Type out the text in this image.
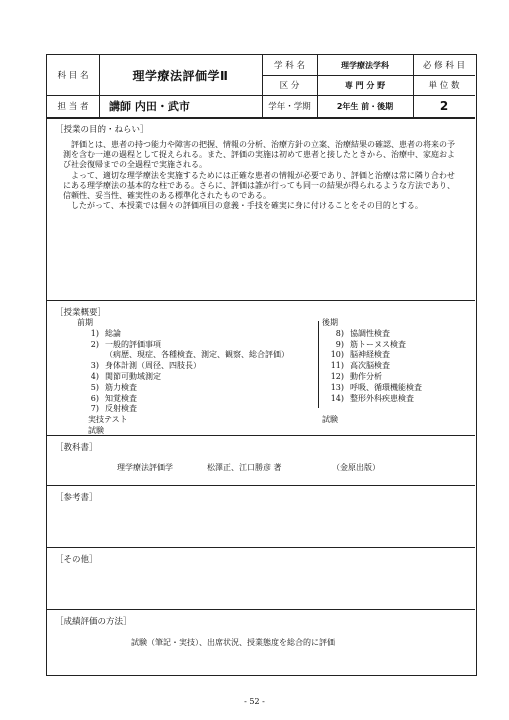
科 目 名	理学療法評価学Ⅱ
学 科 名	理学療法学科	必 修 科 目
区 分	専 門 分 野	単 位 数
担 当 者	講師 内田・武市	学年・学期	2年生 前・後期	2
［授業の目的・ねらい］

評価とは、患者の持つ能力や障害の把握、情報の分析、治療方針の立案、治療結果の確認、患者の将来の予測を含む一連の過程として捉えられる。また、評価の実施は初めて患者と接したときから、治療中、家庭および社会復帰までの全過程で実施される。

よって、適切な理学療法を実施するためには正確な患者の情報が必要であり、評価と治療は常に隣り合わせにある理学療法の基本的な柱である。さらに、評価は誰が行っても同一の結果が得られるような方法であり、信頼性、妥当性、確実性のある標準化されたものである。

したがって、本授業では個々の評価項目の意義・手技を確実に身に付けることをその目的とする。

［授業概要］
前期
1) 総論
2) 一般的評価事項
（病歴、現症、各種検査、測定、観察、総合評価）
3) 身体計測（周径、四肢長）
4) 関節可動域測定
5) 筋力検査
6) 知覚検査
7) 反射検査
実技テスト
試験
後期
8) 協調性検査
9) 筋トーヌス検査
10) 脳神経検査
11) 高次脳検査
12) 動作分析
13) 呼吸、循環機能検査
14) 整形外科疾患検査
試験
［教科書］
理学療法評価学	松澤正、江口勝彦 著	（金原出版）
［参考書］
［その他］
［成績評価の方法］
試験（筆記・実技）、出席状況、授業態度を総合的に評価
- 52 -
